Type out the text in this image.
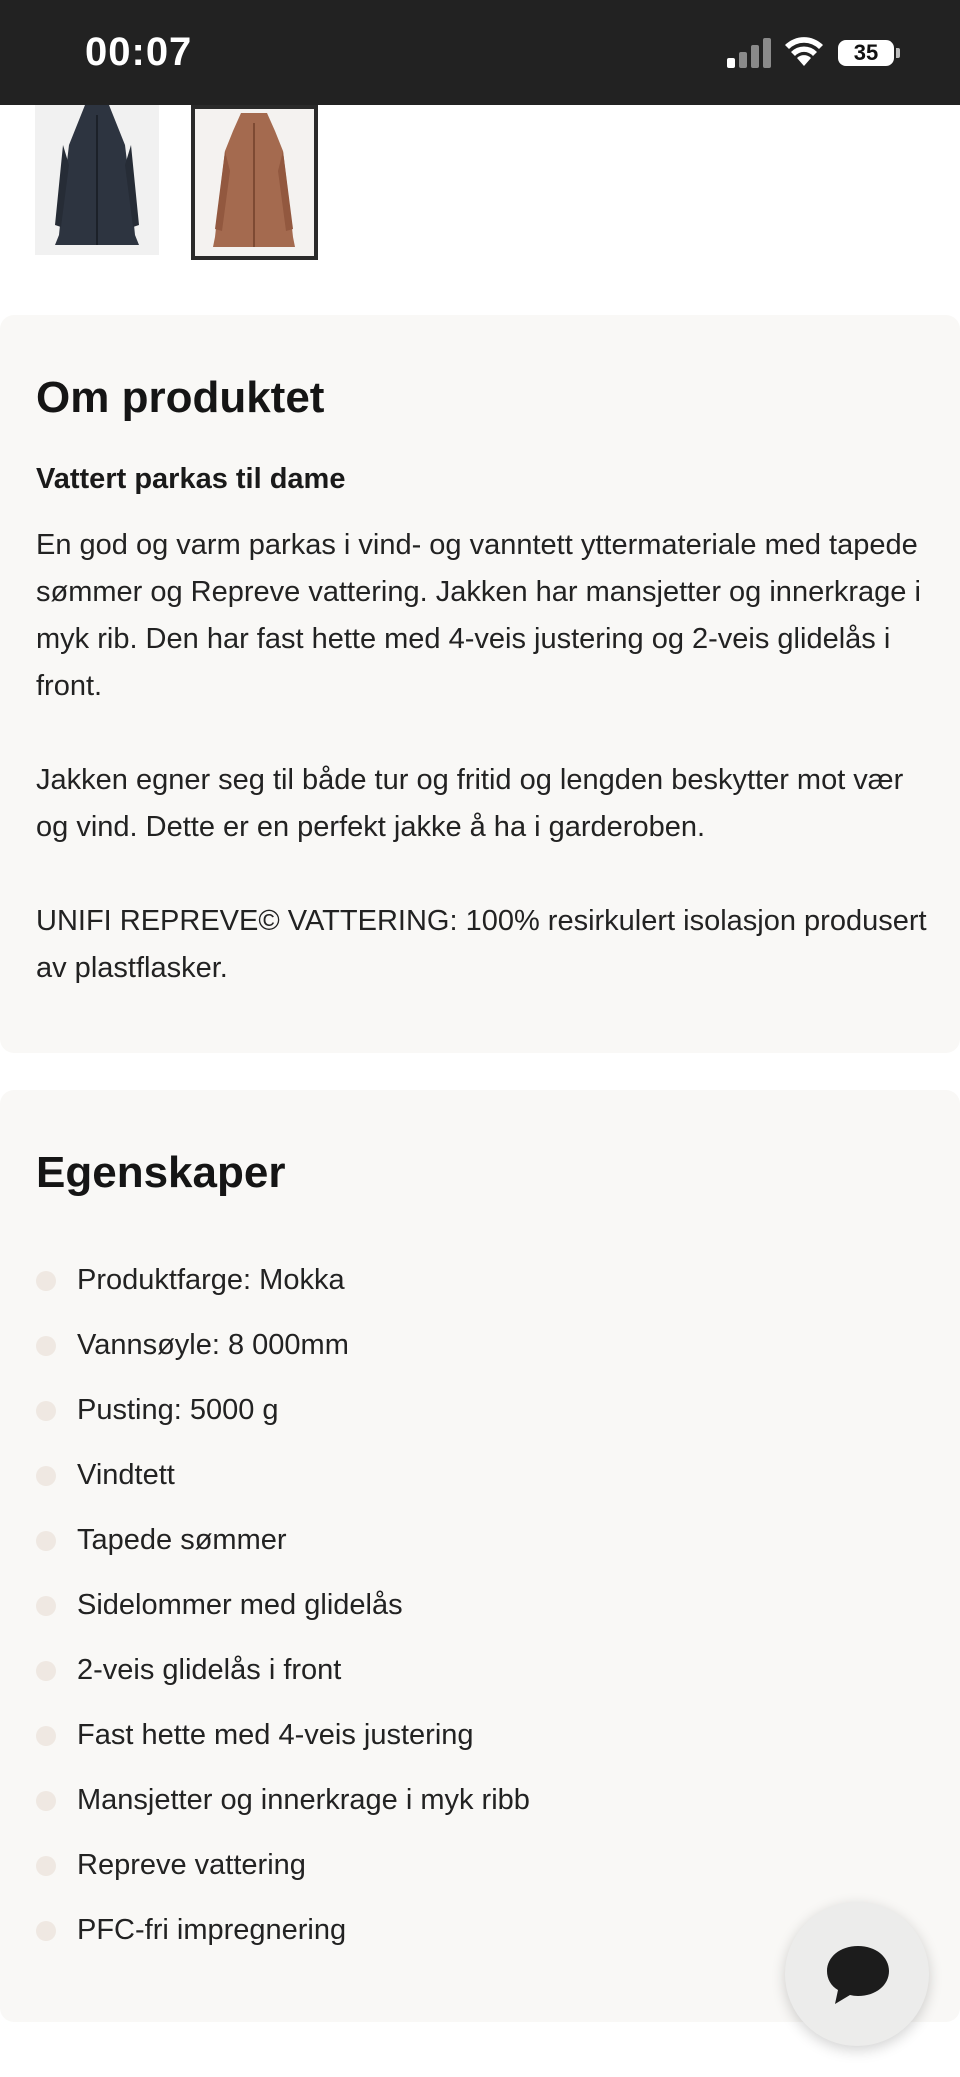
00:07	35
Om produktet
Vattert parkas til dame

En god og varm parkas i vind- og vanntett yttermateriale med tapede sømmer og Repreve vattering. Jakken har mansjetter og innerkrage i myk rib. Den har fast hette med 4-veis justering og 2-veis glidelås i front.

Jakken egner seg til både tur og fritid og lengden beskytter mot vær og vind. Dette er en perfekt jakke å ha i garderoben.

UNIFI REPREVE© VATTERING: 100% resirkulert isolasjon produsert av plastflasker.

Egenskaper
Produktfarge: Mokka
Vannsøyle: 8 000mm
Pusting: 5000 g
Vindtett
Tapede sømmer
Sidelommer med glidelås
2-veis glidelås i front
Fast hette med 4-veis justering
Mansjetter og innerkrage i myk ribb
Repreve vattering
PFC-fri impregnering
